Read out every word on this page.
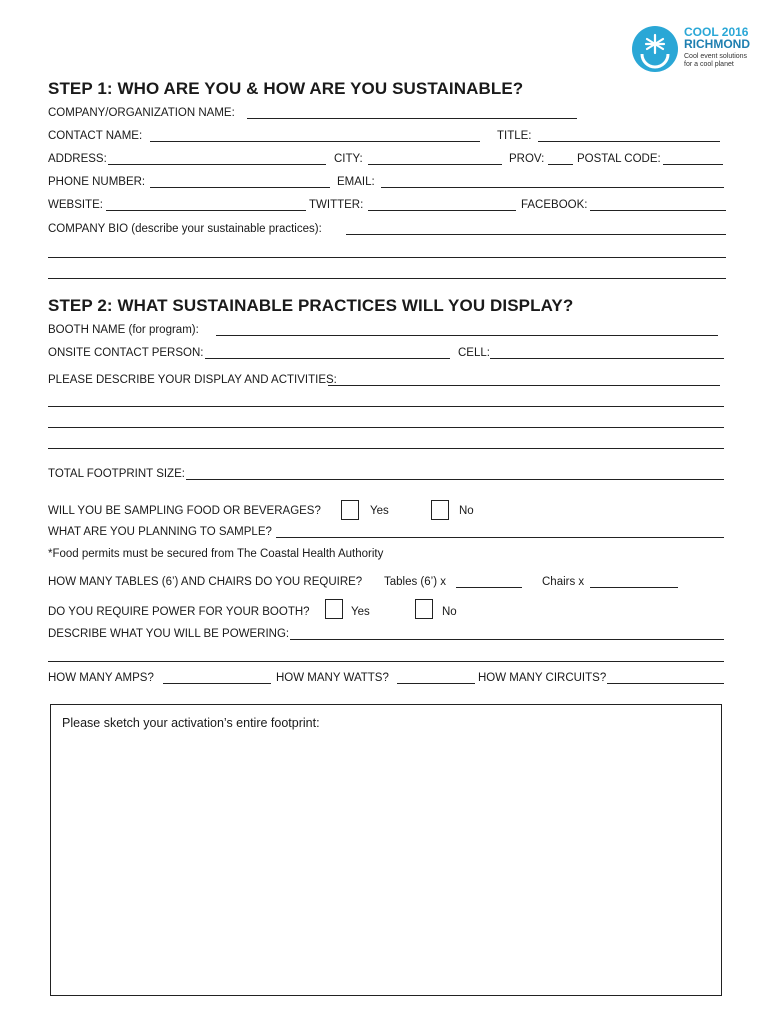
COOL 2016
RICHMOND
Cool event solutions
for a cool planet
STEP 1: WHO ARE YOU & HOW ARE YOU SUSTAINABLE?
COMPANY/ORGANIZATION NAME:
CONTACT NAME:	TITLE:
ADDRESS:	CITY:	PROV:	POSTAL CODE:
PHONE NUMBER:	EMAIL:
WEBSITE:	TWITTER:	FACEBOOK:
COMPANY BIO (describe your sustainable practices):
STEP 2: WHAT SUSTAINABLE PRACTICES WILL YOU DISPLAY?
BOOTH NAME (for program):
ONSITE CONTACT PERSON:	CELL:
PLEASE DESCRIBE YOUR DISPLAY AND ACTIVITIES:
TOTAL FOOTPRINT SIZE:
WILL YOU BE SAMPLING FOOD OR BEVERAGES?	Yes	No
WHAT ARE YOU PLANNING TO SAMPLE?
*Food permits must be secured from The Coastal Health Authority
HOW MANY TABLES (6’) AND CHAIRS DO YOU REQUIRE? Tables (6’) x	Chairs x
DO YOU REQUIRE POWER FOR YOUR BOOTH?	Yes	No
DESCRIBE WHAT YOU WILL BE POWERING:
HOW MANY AMPS?	HOW MANY WATTS?	HOW MANY CIRCUITS?
Please sketch your activation’s entire footprint:
